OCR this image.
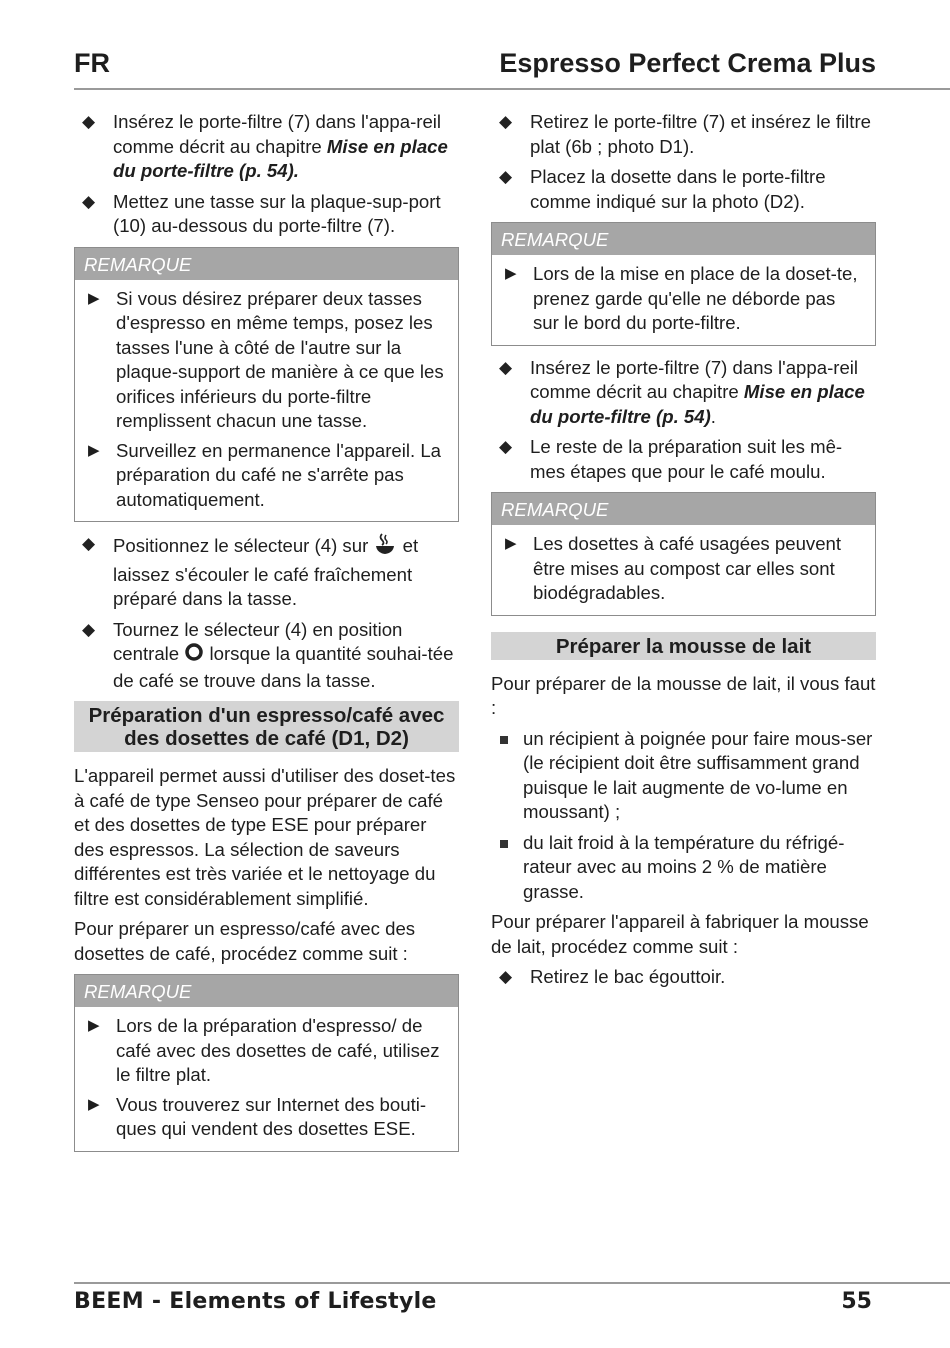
FR	Espresso Perfect Crema Plus
◆ Insérez le porte-filtre (7) dans l'appa-reil comme décrit au chapitre Mise en place du porte-filtre (p. 54).
◆ Mettez une tasse sur la plaque-sup-port (10) au-dessous du porte-filtre (7).
REMARQUE
▶ Si vous désirez préparer deux tasses d'espresso en même temps, posez les tasses l'une à côté de l'autre sur la plaque-support de manière à ce que les orifices inférieurs du porte-filtre remplissent chacun une tasse.
▶ Surveillez en permanence l'appareil. La préparation du café ne s'arrête pas automatiquement.
◆ Positionnez le sélecteur (4) sur  et laissez s'écouler le café fraîchement préparé dans la tasse.
◆ Tournez le sélecteur (4) en position centrale  lorsque la quantité souhai-tée de café se trouve dans la tasse.
Préparation d'un espresso/café avec des dosettes de café (D1, D2)

L'appareil permet aussi d'utiliser des doset-tes à café de type Senseo pour préparer de café et des dosettes de type ESE pour préparer des espressos. La sélection de saveurs différentes est très variée et le nettoyage du filtre est considérablement simplifié.

Pour préparer un espresso/café avec des dosettes de café, procédez comme suit :

REMARQUE
▶ Lors de la préparation d'espresso/ de café avec des dosettes de café, utilisez le filtre plat.
▶ Vous trouverez sur Internet des bouti-ques qui vendent des dosettes ESE.
◆ Retirez le porte-filtre (7) et insérez le filtre plat (6b ; photo D1).
◆ Placez la dosette dans le porte-filtre comme indiqué sur la photo (D2).
REMARQUE
▶ Lors de la mise en place de la doset-te, prenez garde qu'elle ne déborde pas sur le bord du porte-filtre.
◆ Insérez le porte-filtre (7) dans l'appa-reil comme décrit au chapitre Mise en place du porte-filtre (p. 54).
◆ Le reste de la préparation suit les mê-mes étapes que pour le café moulu.
REMARQUE
▶ Les dosettes à café usagées peuvent être mises au compost car elles sont biodégradables.
Préparer la mousse de lait

Pour préparer de la mousse de lait, il vous faut :

un récipient à poignée pour faire mous-ser (le récipient doit être suffisamment grand puisque le lait augmente de vo-lume en moussant) ;
du lait froid à la température du réfrigé-rateur avec au moins 2 % de matière grasse.

Pour préparer l'appareil à fabriquer la mousse de lait, procédez comme suit :

◆ Retirez le bac égouttoir.
BEEM - Elements of Lifestyle	55
